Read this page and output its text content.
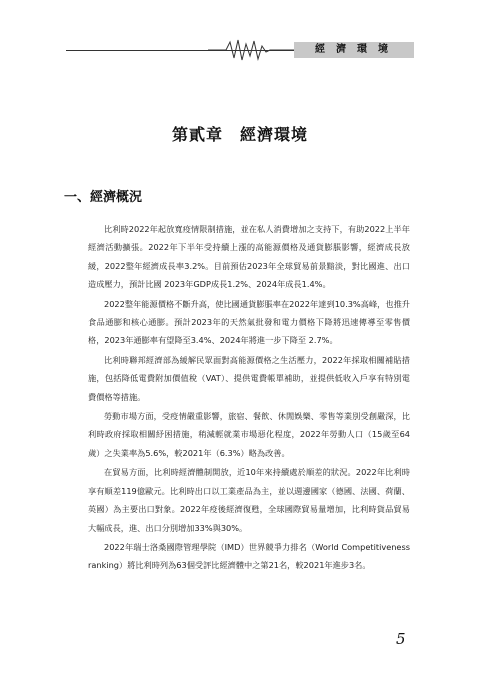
經濟環境
第貳章　經濟環境
一、經濟概況

比利時2022年起放寬疫情限制措施，並在私人消費增加之支持下，有助2022上半年經濟活動擴張。2022年下半年受持續上漲的高能源價格及通貨膨脹影響，經濟成長放緩，2022整年經濟成長率3.2%。目前預估2023年全球貿易前景黯淡，對比國進、出口造成壓力，預計比國 2023年GDP成長1.2%、2024年成長1.4%。

2022整年能源價格不斷升高，使比國通貨膨脹率在2022年達到10.3%高峰，也推升食品通膨和核心通膨。預計2023年的天然氣批發和電力價格下降將迅速傳導至零售價格，2023年通膨率有望降至3.4%、2024年將進一步下降至 2.7%。

比利時聯邦經濟部為緩解民眾面對高能源價格之生活壓力，2022年採取相關補貼措施，包括降低電費附加價值稅（VAT）、提供電費帳單補助，並提供低收入戶享有特別電費價格等措施。

勞動市場方面，受疫情嚴重影響，旅宿、餐飲、休閒娛樂、零售等業別受創嚴深，比利時政府採取相關紓困措施，稍減輕就業市場惡化程度，2022年勞動人口（15歲至64歲）之失業率為5.6%，較2021年（6.3%）略為改善。

在貿易方面，比利時經濟體制開放，近10年來持續處於順差的狀況。2022年比利時享有順差119億歐元。比利時出口以工業產品為主，並以週邊國家（德國、法國、荷蘭、英國）為主要出口對象。2022年疫後經濟復甦，全球國際貿易量增加，比利時貨品貿易大幅成長，進、出口分別增加33%與30%。

2022年瑞士洛桑國際管理學院（IMD）世界競爭力排名（World Competitiveness ranking）將比利時列為63個受評比經濟體中之第21名，較2021年進步3名。

5
